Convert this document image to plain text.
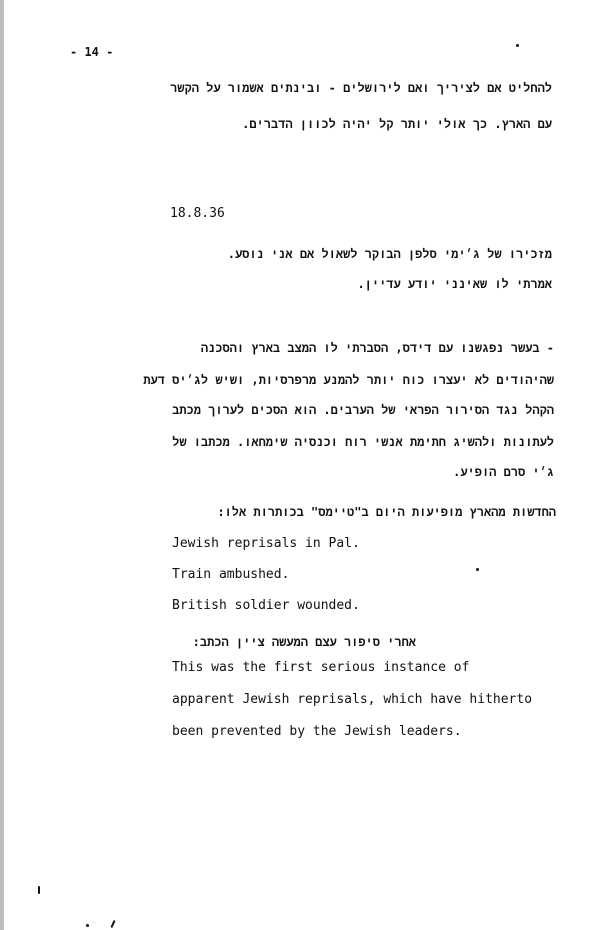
- 14 -
להחליט אם לציריך ואם לירושלים - ובינתים אשמור על הקשר
עם הארץ. כך אולי יותר קל יהיה לכוון הדברים.
18.8.36
מזכירו של ג׳ימי סלפן הבוקר לשאול אם אני נוסע.
אמרתי לו שאינני יודע עדיין.
- בעשר נפגשנו עם דידס, הסברתי לו המצב בארץ והסכנה
שהיהודים לא יעצרו כוח יותר להמנע מרפרסיות, ושיש לג׳יס דעת
הקהל נגד הסירור הפראי של הערבים. הוא הסכים לערוך מכתב
לעתונות ולהשיג חתימת אנשי רוח וכנסיה שימחאו. מכתבו של
ג׳י סרם הופיע.
החדשות מהארץ מופיעות היום ב"טיימס" בכותרות אלו:
Jewish reprisals in Pal.
Train ambushed.
British soldier wounded.
אחרי סיפור עצם המעשה ציין הכתב:
This was the first serious instance of
apparent Jewish reprisals, which have hitherto
been prevented by the Jewish leaders.
